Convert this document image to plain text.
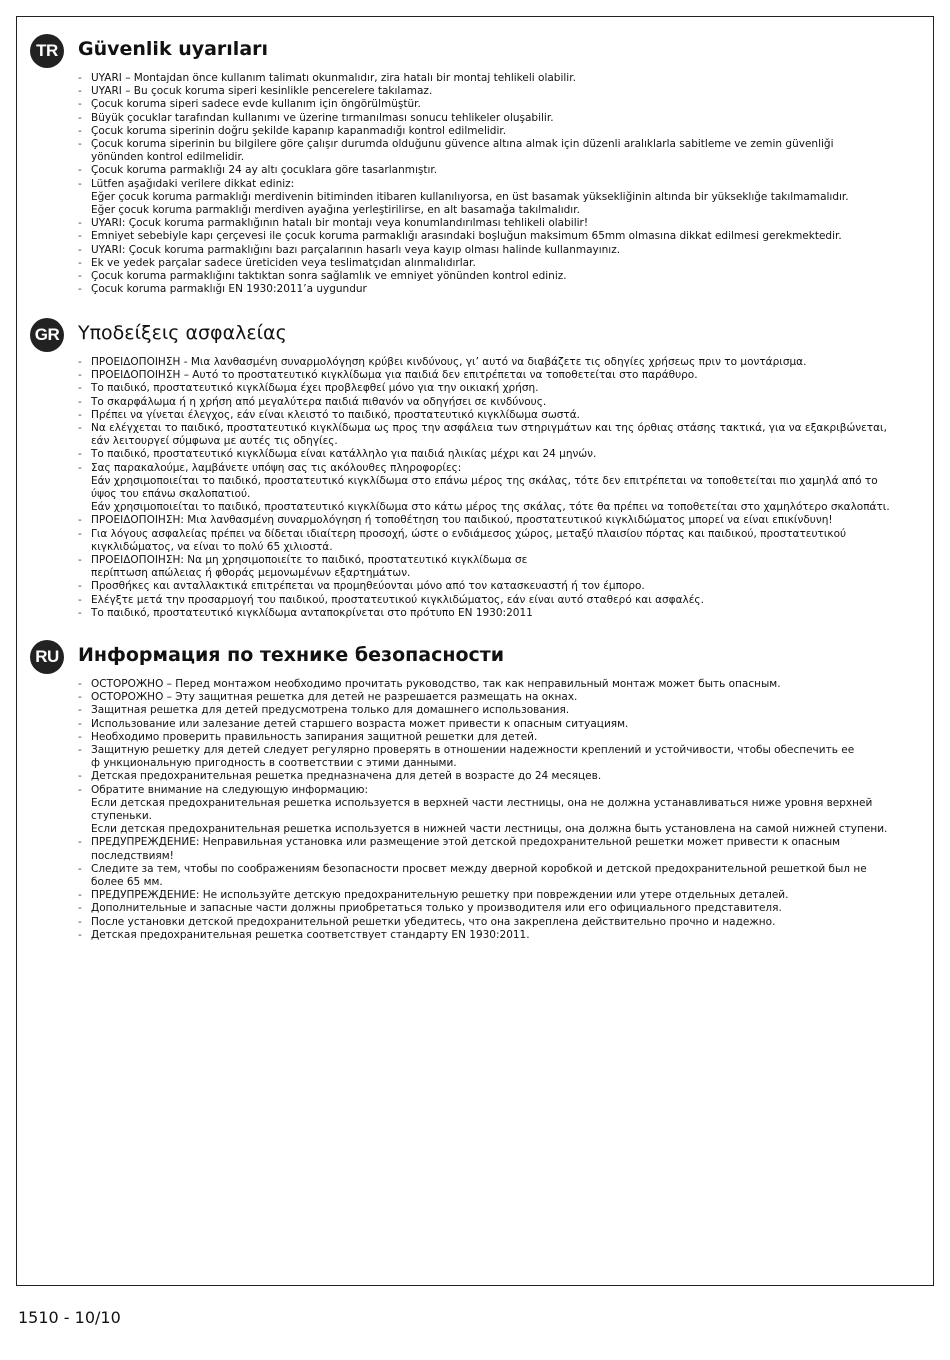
TR	Güvenlik uyarıları
- UYARI – Montajdan önce kullanım talimatı okunmalıdır, zira hatalı bir montaj tehlikeli olabilir.
- UYARI – Bu çocuk koruma siperi kesinlikle pencerelere takılamaz.
- Çocuk koruma siperi sadece evde kullanım için öngörülmüştür.
- Büyük çocuklar tarafından kullanımı ve üzerine tırmanılması sonucu tehlikeler oluşabilir.
- Çocuk koruma siperinin doğru şekilde kapanıp kapanmadığı kontrol edilmelidir.
- Çocuk koruma siperinin bu bilgilere göre çalışır durumda olduğunu güvence altına almak için düzenli aralıklarla sabitleme ve zemin güvenliği
yönünden kontrol edilmelidir.
- Çocuk koruma parmaklığı 24 ay altı çocuklara göre tasarlanmıştır.
- Lütfen aşağıdaki verilere dikkat ediniz:
Eğer çocuk koruma parmaklığı merdivenin bitiminden itibaren kullanılıyorsa, en üst basamak yüksekliğinin altında bir yükseklığe takılmamalıdır.
Eğer çocuk koruma parmaklığı merdiven ayağına yerleştirilirse, en alt basamağa takılmalıdır.
- UYARI: Çocuk koruma parmaklığının hatalı bir montajı veya konumlandırılması tehlikeli olabilir!
- Emniyet sebebiyle kapı çerçevesi ile çocuk koruma parmaklığı arasındaki boşluğun maksimum 65mm olmasına dikkat edilmesi gerekmektedir.
- UYARI: Çocuk koruma parmaklığını bazı parçalarının hasarlı veya kayıp olması halinde kullanmayınız.
- Ek ve yedek parçalar sadece üreticiden veya teslimatçıdan alınmalıdırlar.
- Çocuk koruma parmaklığını taktıktan sonra sağlamlık ve emniyet yönünden kontrol ediniz.
- Çocuk koruma parmaklığı EN 1930:2011’a uygundur
GR Υποδείξεις ασφαλείας
- ΠΡΟΕΙΔΟΠΟΙΗΣΗ - Μια λανθασμένη συναρμολόγηση κρύβει κινδύνους, γι’ αυτό να διαβάζετε τις οδηγίες χρήσεως πριν το μοντάρισμα.
- ΠΡΟΕΙΔΟΠΟΙΗΣΗ – Αυτό το προστατευτικό κιγκλίδωμα για παιδιά δεν επιτρέπεται να τοποθετείται στο παράθυρο.
- Το παιδικό, προστατευτικό κιγκλίδωμα έχει προβλεφθεί μόνο για την οικιακή χρήση.
- Το σκαρφάλωμα ή η χρήση από μεγαλύτερα παιδιά πιθανόν να οδηγήσει σε κινδύνους.
- Πρέπει να γίνεται έλεγχος, εάν είναι κλειστό το παιδικό, προστατευτικό κιγκλίδωμα σωστά.
- Να ελέγχεται το παιδικό, προστατευτικό κιγκλίδωμα ως προς την ασφάλεια των στηριγμάτων και της όρθιας στάσης τακτικά, για να εξακριβώνεται,
εάν λειτουργεί σύμφωνα με αυτές τις οδηγίες.
- Το παιδικό, προστατευτικό κιγκλίδωμα είναι κατάλληλο για παιδιά ηλικίας μέχρι και 24 μηνών.
- Σας παρακαλούμε, λαμβάνετε υπόψη σας τις ακόλουθες πληροφορίες:
Εάν χρησιμοποιείται το παιδικό, προστατευτικό κιγκλίδωμα στο επάνω μέρος της σκάλας, τότε δεν επιτρέπεται να τοποθετείται πιο χαμηλά από το
ύψος του επάνω σκαλοπατιού.
Εάν χρησιμοποιείται το παιδικό, προστατευτικό κιγκλίδωμα στο κάτω μέρος της σκάλας, τότε θα πρέπει να τοποθετείται στο χαμηλότερο σκαλοπάτι.
- ΠΡΟΕΙΔΟΠΟΙΗΣΗ: Μια λανθασμένη συναρμολόγηση ή τοποθέτηση του παιδικού, προστατευτικού κιγκλιδώματος μπορεί να είναι επικίνδυνη!
- Για λόγους ασφαλείας πρέπει να δίδεται ιδιαίτερη προσοχή, ώστε ο ενδιάμεσος χώρος, μεταξύ πλαισίου πόρτας και παιδικού, προστατευτικού
κιγκλιδώματος, να είναι το πολύ 65 χιλιοστά.
- ΠΡΟΕΙΔΟΠΟΙΗΣΗ: Να μη χρησιμοποιείτε το παιδικό, προστατευτικό κιγκλίδωμα σε
περίπτωση απώλειας ή φθοράς μεμονωμένων εξαρτημάτων.
- Προσθήκες και ανταλλακτικά επιτρέπεται να προμηθεύονται μόνο από τον κατασκευαστή ή τον έμπορο.
- Ελέγξτε μετά την προσαρμογή του παιδικού, προστατευτικού κιγκλιδώματος, εάν είναι αυτό σταθερό και ασφαλές.
- Το παιδικό, προστατευτικό κιγκλίδωμα ανταποκρίνεται στο πρότυπο EN 1930:2011
RU Информация по технике безопасности
- ОСТОРОЖНО – Перед монтажом необходимо прочитать руководство, так как неправильный монтаж может быть опасным.
- ОСТОРОЖНО – Эту защитная решетка для детей не разрешается размещать на окнах.
- Защитная решетка для детей предусмотрена только для домашнего использования.
- Использование или залезание детей старшего возраста может привести к опасным ситуациям.
- Необходимо проверить правильность запирания защитной решетки для детей.
- Защитную решетку для детей следует регулярно проверять в отношении надежности креплений и устойчивости, чтобы обеспечить ее
ф ункциональную пригодность в соответствии с этими данными.
- Детская предохранительная решетка предназначена для детей в возрасте до 24 месяцев.
- Обратите внимание на следующую информацию:
Если детская предохранительная решетка используется в верхней части лестницы, она не должна устанавливаться ниже уровня верхней
ступеньки.
Если детская предохранительная решетка используется в нижней части лестницы, она должна быть установлена на самой нижней ступени.
- ПРЕДУПРЕЖДЕНИЕ: Неправильная установка или размещение этой детской предохранительной решетки может привести к опасным
последствиям!
- Следите за тем, чтобы по соображениям безопасности просвет между дверной коробкой и детской предохранительной решеткой был не
более 65 мм.
- ПРЕДУПРЕЖДЕНИЕ: Не используйте детскую предохранительную решетку при повреждении или утере отдельных деталей.
- Дополнительные и запасные части должны приобретаться только у производителя или его официального представителя.
- После установки детской предохранительной решетки убедитесь, что она закреплена действительно прочно и надежно.
- Детская предохранительная решетка соответствует стандарту EN 1930:2011.
1510 - 10/10
